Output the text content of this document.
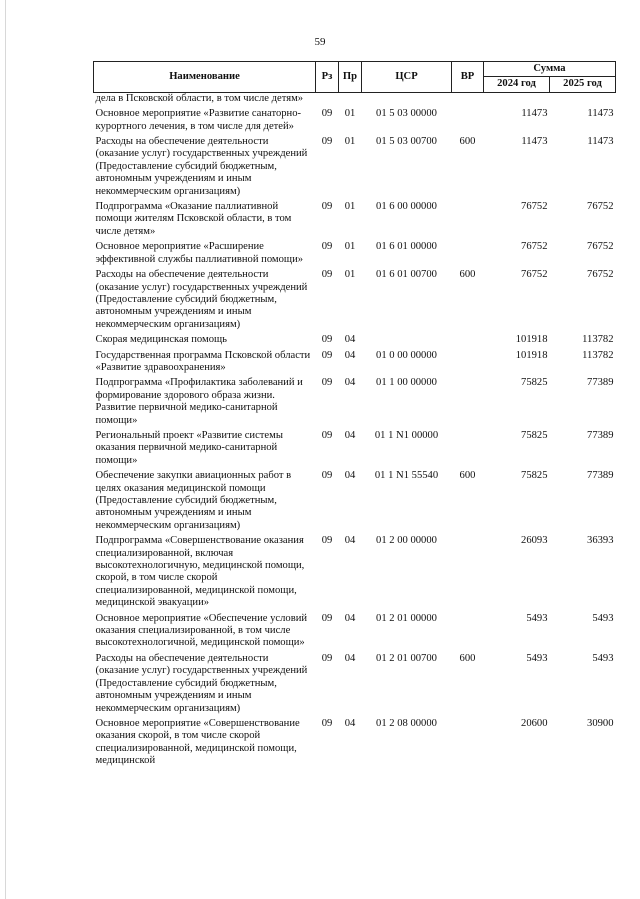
59
Наименование	Рз	Пр	ЦСР	ВР	Сумма	
					2024 год	2025 год
дела в Псковской области, в том числе детям»						
Основное мероприятие «Развитие санаторно-курортного лечения, в том числе для детей»	09	01	01 5 03 00000		11473	11473
Расходы на обеспечение деятельности (оказание услуг) государственных учреждений (Предоставление субсидий бюджетным, автономным учреждениям и иным некоммерческим организациям)	09	01	01 5 03 00700	600	11473	11473
Подпрограмма «Оказание паллиативной помощи жителям Псковской области, в том числе детям»	09	01	01 6 00 00000		76752	76752
Основное мероприятие «Расширение эффективной службы паллиативной помощи»	09	01	01 6 01 00000		76752	76752
Расходы на обеспечение деятельности (оказание услуг) государственных учреждений (Предоставление субсидий бюджетным, автономным учреждениям и иным некоммерческим организациям)	09	01	01 6 01 00700	600	76752	76752
Скорая медицинская помощь	09	04			101918	113782
Государственная программа Псковской области «Развитие здравоохранения»	09	04	01 0 00 00000		101918	113782
Подпрограмма «Профилактика заболеваний и формирование здорового образа жизни. Развитие первичной медико-санитарной помощи»	09	04	01 1 00 00000		75825	77389
Региональный проект «Развитие системы оказания первичной медико-санитарной помощи»	09	04	01 1 N1 00000		75825	77389
Обеспечение закупки авиационных работ в целях оказания медицинской помощи (Предоставление субсидий бюджетным, автономным учреждениям и иным некоммерческим организациям)	09	04	01 1 N1 55540	600	75825	77389
Подпрограмма «Совершенствование оказания специализированной, включая высокотехнологичную, медицинской помощи, скорой, в том числе скорой специализированной, медицинской помощи, медицинской эвакуации»	09	04	01 2 00 00000		26093	36393
Основное мероприятие «Обеспечение условий оказания специализированной, в том числе высокотехнологичной, медицинской помощи»	09	04	01 2 01 00000		5493	5493
Расходы на обеспечение деятельности (оказание услуг) государственных учреждений (Предоставление субсидий бюджетным, автономным учреждениям и иным некоммерческим организациям)	09	04	01 2 01 00700	600	5493	5493
Основное мероприятие «Совершенствование оказания скорой, в том числе скорой специализированной, медицинской помощи, медицинской	09	04	01 2 08 00000		20600	30900
